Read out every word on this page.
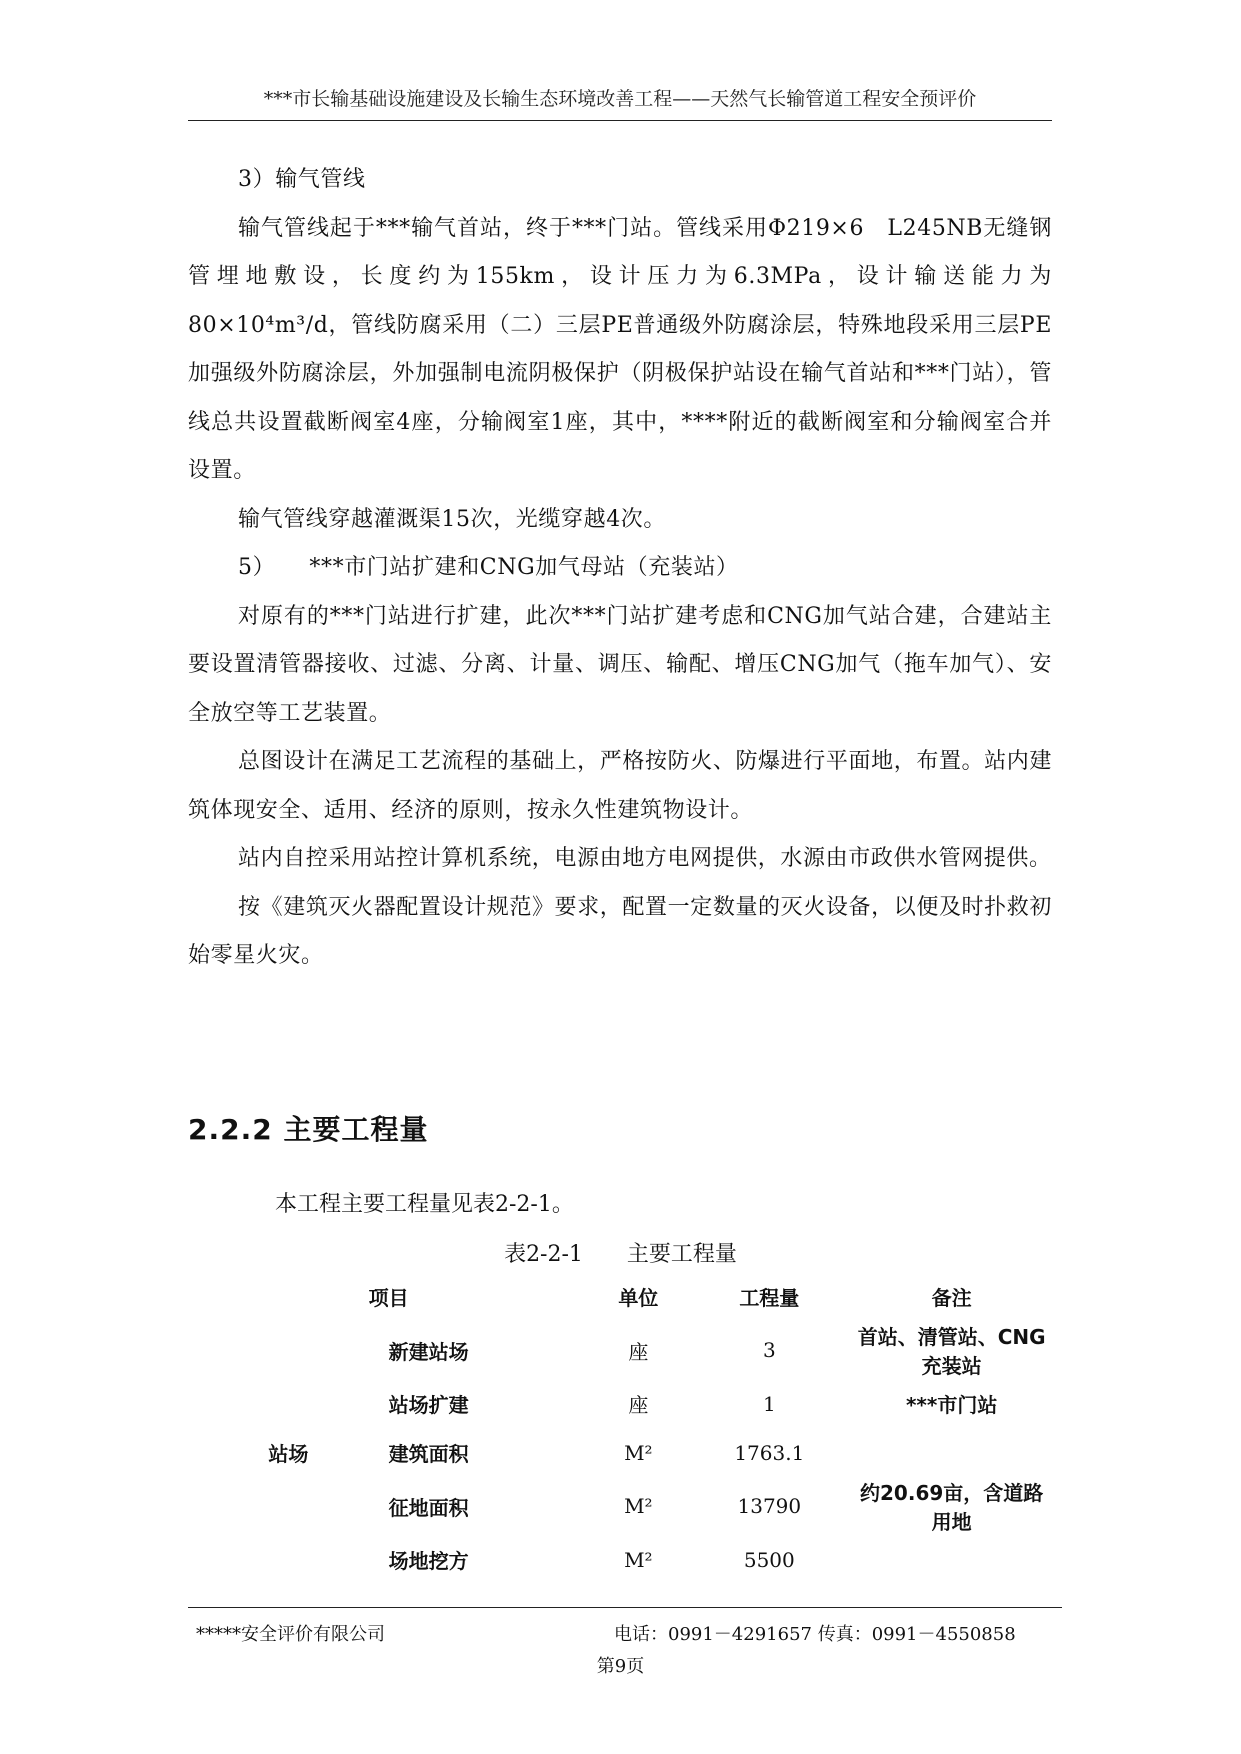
***市长输基础设施建设及长输生态环境改善工程——天然气长输管道工程安全预评价

3）输气管线

输气管线起于***输气首站，终于***门站。管线采用Φ219×6　L245NB无缝钢管埋地敷设，长度约为155km，设计压力为6.3MPa，设计输送能力为80×10⁴m³/d，管线防腐采用（二）三层PE普通级外防腐涂层，特殊地段采用三层PE加强级外防腐涂层，外加强制电流阴极保护（阴极保护站设在输气首站和***门站），管线总共设置截断阀室4座，分输阀室1座，其中，****附近的截断阀室和分输阀室合并设置。

输气管线穿越灌溉渠15次，光缆穿越4次。

5）　　***市门站扩建和CNG加气母站（充装站）

对原有的***门站进行扩建，此次***门站扩建考虑和CNG加气站合建，合建站主要设置清管器接收、过滤、分离、计量、调压、输配、增压CNG加气（拖车加气）、安全放空等工艺装置。

总图设计在满足工艺流程的基础上，严格按防火、防爆进行平面地，布置。站内建筑体现安全、适用、经济的原则，按永久性建筑物设计。

站内自控采用站控计算机系统，电源由地方电网提供，水源由市政供水管网提供。

按《建筑灭火器配置设计规范》要求，配置一定数量的灭火设备，以便及时扑救初始零星火灾。

2.2.2 主要工程量

本工程主要工程量见表2-2-1。

表2-2-1 主要工程量

项目		单位	工程量	备注
站场	新建站场	座	3	首站、清管站、CNG充装站
	站场扩建	座	1	***市门站
	建筑面积	M²	1763.1	
	征地面积	M²	13790	约20.69亩，含道路用地
	场地挖方	M²	5500	
*****安全评价有限公司	电话：0991－4291657 传真：0991－4550858
第9页
